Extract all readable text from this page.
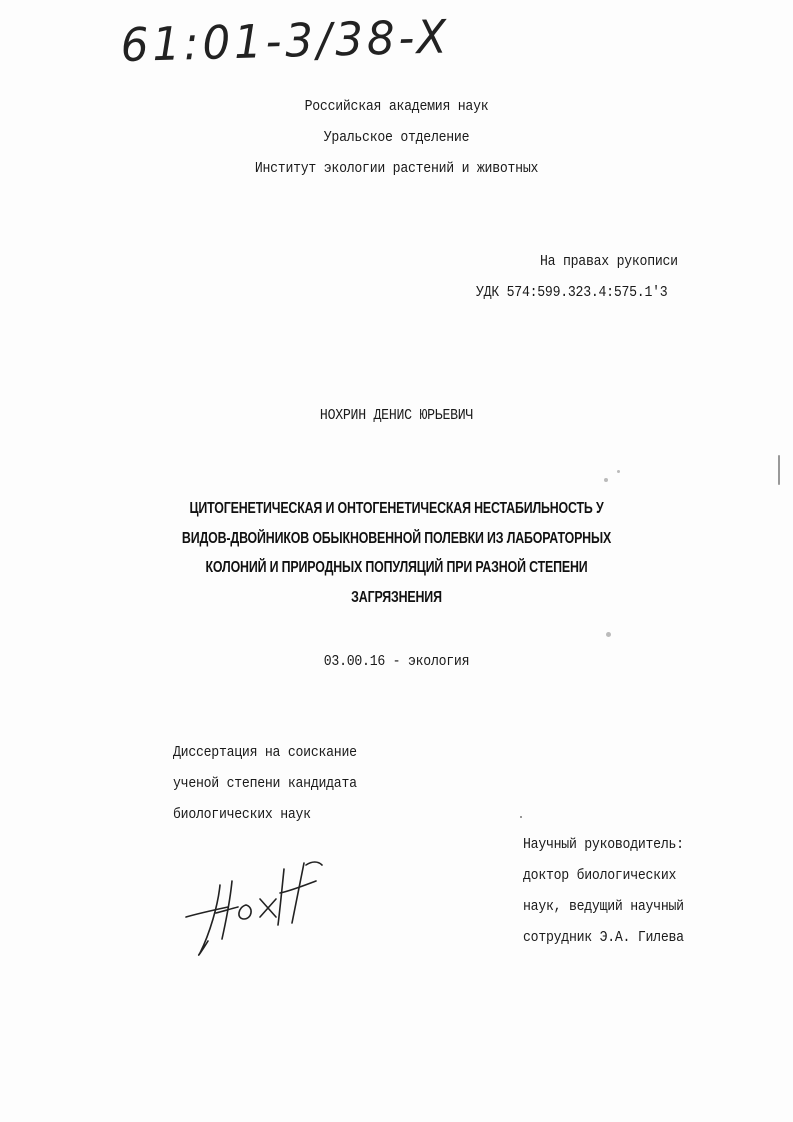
61:01-3/38-X
Российская академия наук
Уральское отделение
Институт экологии растений и животных
На правах рукописи
УДК 574:599.323.4:575.1'3
НОХРИН ДЕНИС ЮРЬЕВИЧ
ЦИТОГЕНЕТИЧЕСКАЯ И ОНТОГЕНЕТИЧЕСКАЯ НЕСТАБИЛЬНОСТЬ У
ВИДОВ-ДВОЙНИКОВ ОБЫКНОВЕННОЙ ПОЛЕВКИ ИЗ ЛАБОРАТОРНЫХ
КОЛОНИЙ И ПРИРОДНЫХ ПОПУЛЯЦИЙ ПРИ РАЗНОЙ СТЕПЕНИ
ЗАГРЯЗНЕНИЯ
03.00.16 - экология
Диссертация на соискание
ученой степени кандидата
биологических наук
Научный руководитель:
доктор биологических
наук, ведущий научный
сотрудник Э.А. Гилева
